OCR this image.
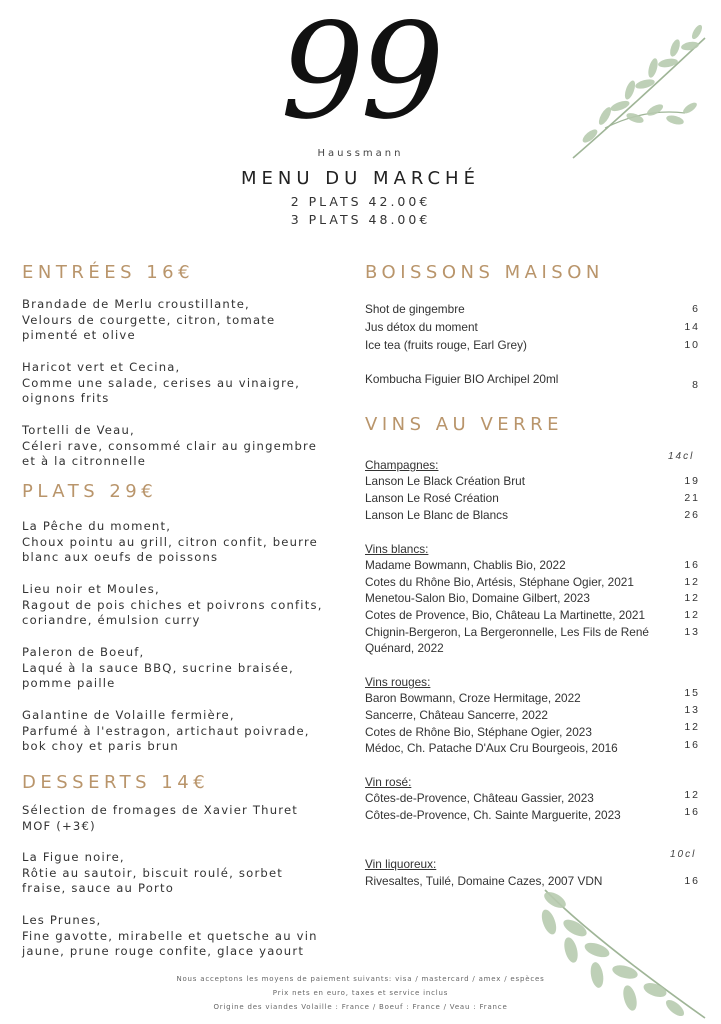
99
Haussmann
MENU DU MARCHÉ
2 PLATS 42.00€
3 PLATS 48.00€
ENTRÉES 16€
Brandade de Merlu croustillante,
Velours de courgette, citron, tomate
pimenté et olive
Haricot vert et Cecina,
Comme une salade, cerises au vinaigre,
oignons frits
Tortelli de Veau,
Céleri rave, consommé clair au gingembre
et à la citronnelle
PLATS 29€
La Pêche du moment,
Choux pointu au grill, citron confit, beurre
blanc aux oeufs de poissons
Lieu noir et Moules,
Ragout de pois chiches et poivrons confits,
coriandre, émulsion curry
Paleron de Boeuf,
Laqué à la sauce BBQ, sucrine braisée,
pomme paille
Galantine de Volaille fermière,
Parfumé à l'estragon, artichaut poivrade,
bok choy et paris brun
DESSERTS 14€
Sélection de fromages de Xavier Thuret
MOF (+3€)
La Figue noire,
Rôtie au sautoir, biscuit roulé, sorbet
fraise, sauce au Porto
Les Prunes,
Fine gavotte, mirabelle et quetsche au vin
jaune, prune rouge confite, glace yaourt
BOISSONS MAISON
Shot de gingembre	6
Jus détox du moment	14
Ice tea (fruits rouge, Earl Grey)	10
Kombucha Figuier BIO Archipel 20ml	8
VINS AU VERRE
14cl
Champagnes:
Lanson Le Black Création Brut	19
Lanson Le Rosé Création	21
Lanson Le Blanc de Blancs	26
Vins blancs:
Madame Bowmann, Chablis Bio, 2022	16
Cotes du Rhône Bio, Artésis, Stéphane Ogier, 2021	12
Menetou-Salon Bio, Domaine Gilbert, 2023	12
Cotes de Provence, Bio, Château La Martinette, 2021	12
Chignin-Bergeron, La Bergeronnelle, Les Fils de René	13
Quénard, 2022
Vins rouges:
Baron Bowmann, Croze Hermitage, 2022	15
Sancerre, Château Sancerre, 2022	13
Cotes de Rhône Bio, Stéphane Ogier, 2023	12
Médoc, Ch. Patache D'Aux Cru Bourgeois, 2016	16
Vin rosé:
Côtes-de-Provence, Château Gassier, 2023	12
Côtes-de-Provence, Ch. Sainte Marguerite, 2023	16
10cl
Vin liquoreux:
Rivesaltes, Tuilé, Domaine Cazes, 2007 VDN	16
Nous acceptons les moyens de paiement suivants: visa / mastercard / amex / espèces
Prix nets en euro, taxes et service inclus
Origine des viandes Volaille : France / Boeuf : France / Veau : France
